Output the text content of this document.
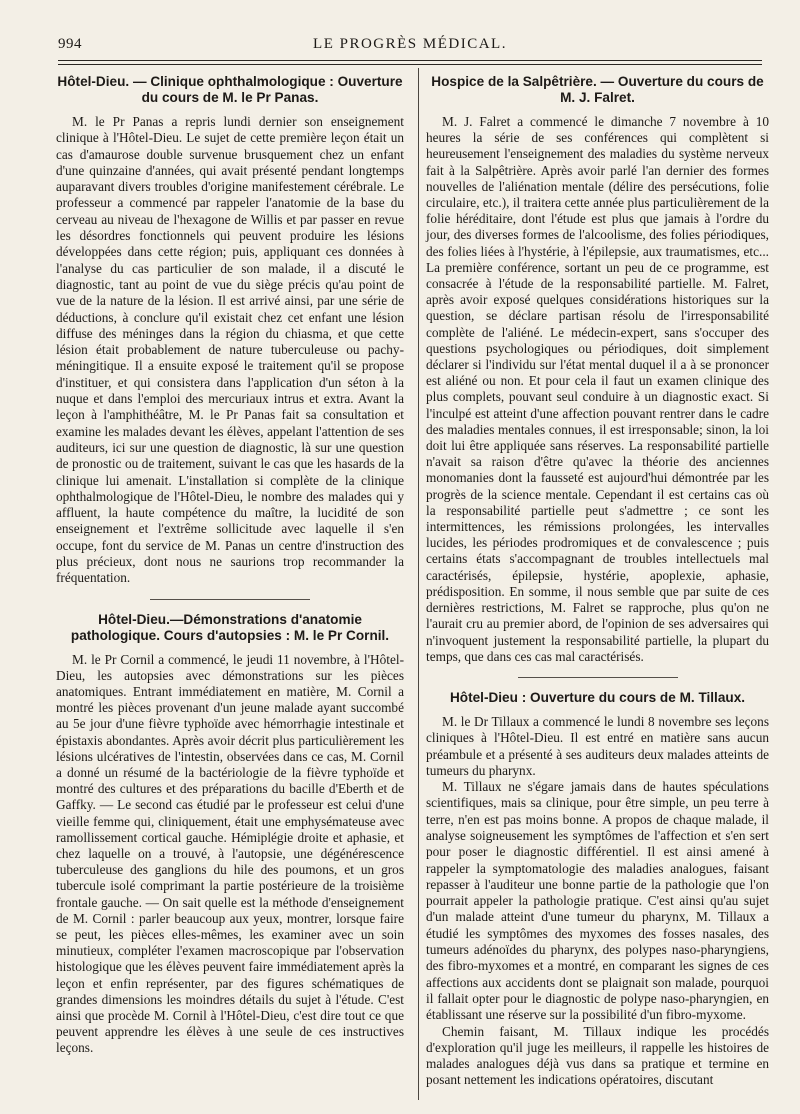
994	LE PROGRÈS MÉDICAL.
Hôtel-Dieu. — Clinique ophthalmologique : Ouverture du cours de M. le Pr Panas.

M. le Pr Panas a repris lundi dernier son enseignement clinique à l'Hôtel-Dieu. Le sujet de cette première leçon était un cas d'amaurose double survenue brusquement chez un enfant d'une quinzaine d'années, qui avait présenté pendant longtemps auparavant divers troubles d'origine manifestement cérébrale. Le professeur a commencé par rappeler l'anatomie de la base du cerveau au niveau de l'hexagone de Willis et par passer en revue les désordres fonctionnels qui peuvent produire les lésions développées dans cette région; puis, appliquant ces données à l'analyse du cas particulier de son malade, il a discuté le diagnostic, tant au point de vue du siège précis qu'au point de vue de la nature de la lésion. Il est arrivé ainsi, par une série de déductions, à conclure qu'il existait chez cet enfant une lésion diffuse des méninges dans la région du chiasma, et que cette lésion était probablement de nature tuberculeuse ou pachy-méningitique. Il a ensuite exposé le traitement qu'il se propose d'instituer, et qui consistera dans l'application d'un séton à la nuque et dans l'emploi des mercuriaux intrus et extra. Avant la leçon à l'amphithéâtre, M. le Pr Panas fait sa consultation et examine les malades devant les élèves, appelant l'attention de ses auditeurs, ici sur une question de diagnostic, là sur une question de pronostic ou de traitement, suivant le cas que les hasards de la clinique lui amenait. L'installation si complète de la clinique ophthalmologique de l'Hôtel-Dieu, le nombre des malades qui y affluent, la haute compétence du maître, la lucidité de son enseignement et l'extrême sollicitude avec laquelle il s'en occupe, font du service de M. Panas un centre d'instruction des plus précieux, dont nous ne saurions trop recommander la fréquentation.

Hôtel-Dieu.—Démonstrations d'anatomie pathologique. Cours d'autopsies : M. le Pr Cornil.

M. le Pr Cornil a commencé, le jeudi 11 novembre, à l'Hôtel-Dieu, les autopsies avec démonstrations sur les pièces anatomiques. Entrant immédiatement en matière, M. Cornil a montré les pièces provenant d'un jeune malade ayant succombé au 5e jour d'une fièvre typhoïde avec hémorrhagie intestinale et épistaxis abondantes. Après avoir décrit plus particulièrement les lésions ulcératives de l'intestin, observées dans ce cas, M. Cornil a donné un résumé de la bactériologie de la fièvre typhoïde et montré des cultures et des préparations du bacille d'Eberth et de Gaffky. — Le second cas étudié par le professeur est celui d'une vieille femme qui, cliniquement, était une emphysémateuse avec ramollissement cortical gauche. Hémiplégie droite et aphasie, et chez laquelle on a trouvé, à l'autopsie, une dégénérescence tuberculeuse des ganglions du hile des poumons, et un gros tubercule isolé comprimant la partie postérieure de la troisième frontale gauche. — On sait quelle est la méthode d'enseignement de M. Cornil : parler beaucoup aux yeux, montrer, lorsque faire se peut, les pièces elles-mêmes, les examiner avec un soin minutieux, compléter l'examen macroscopique par l'observation histologique que les élèves peuvent faire immédiatement après la leçon et enfin représenter, par des figures schématiques de grandes dimensions les moindres détails du sujet à l'étude. C'est ainsi que procède M. Cornil à l'Hôtel-Dieu, c'est dire tout ce que peuvent apprendre les élèves à une seule de ces instructives leçons.

Hospice de la Salpêtrière. — Ouverture du cours de M. J. Falret.

M. J. Falret a commencé le dimanche 7 novembre à 10 heures la série de ses conférences qui complètent si heureusement l'enseignement des maladies du système nerveux fait à la Salpêtrière. Après avoir parlé l'an dernier des formes nouvelles de l'aliénation mentale (délire des persécutions, folie circulaire, etc.), il traitera cette année plus particulièrement de la folie héréditaire, dont l'étude est plus que jamais à l'ordre du jour, des diverses formes de l'alcoolisme, des folies périodiques, des folies liées à l'hystérie, à l'épilepsie, aux traumatismes, etc... La première conférence, sortant un peu de ce programme, est consacrée à l'étude de la responsabilité partielle. M. Falret, après avoir exposé quelques considérations historiques sur la question, se déclare partisan résolu de l'irresponsabilité complète de l'aliéné. Le médecin-expert, sans s'occuper des questions psychologiques ou périodiques, doit simplement déclarer si l'individu sur l'état mental duquel il a à se prononcer est aliéné ou non. Et pour cela il faut un examen clinique des plus complets, pouvant seul conduire à un diagnostic exact. Si l'inculpé est atteint d'une affection pouvant rentrer dans le cadre des maladies mentales connues, il est irresponsable; sinon, la loi doit lui être appliquée sans réserves. La responsabilité partielle n'avait sa raison d'être qu'avec la théorie des anciennes monomanies dont la fausseté est aujourd'hui démontrée par les progrès de la science mentale. Cependant il est certains cas où la responsabilité partielle peut s'admettre ; ce sont les intermittences, les rémissions prolongées, les intervalles lucides, les périodes prodromiques et de convalescence ; puis certains états s'accompagnant de troubles intellectuels mal caractérisés, épilepsie, hystérie, apoplexie, aphasie, prédisposition. En somme, il nous semble que par suite de ces dernières restrictions, M. Falret se rapproche, plus qu'on ne l'aurait cru au premier abord, de l'opinion de ses adversaires qui n'invoquent justement la responsabilité partielle, la plupart du temps, que dans ces cas mal caractérisés.

Hôtel-Dieu : Ouverture du cours de M. Tillaux.

M. le Dr Tillaux a commencé le lundi 8 novembre ses leçons cliniques à l'Hôtel-Dieu. Il est entré en matière sans aucun préambule et a présenté à ses auditeurs deux malades atteints de tumeurs du pharynx.

M. Tillaux ne s'égare jamais dans de hautes spéculations scientifiques, mais sa clinique, pour être simple, un peu terre à terre, n'en est pas moins bonne. A propos de chaque malade, il analyse soigneusement les symptômes de l'affection et s'en sert pour poser le diagnostic différentiel. Il est ainsi amené à rappeler la symptomatologie des maladies analogues, faisant repasser à l'auditeur une bonne partie de la pathologie que l'on pourrait appeler la pathologie pratique. C'est ainsi qu'au sujet d'un malade atteint d'une tumeur du pharynx, M. Tillaux a étudié les symptômes des myxomes des fosses nasales, des tumeurs adénoïdes du pharynx, des polypes naso-pharyngiens, des fibro-myxomes et a montré, en comparant les signes de ces affections aux accidents dont se plaignait son malade, pourquoi il fallait opter pour le diagnostic de polype naso-pharyngien, en établissant une réserve sur la possibilité d'un fibro-myxome.

Chemin faisant, M. Tillaux indique les procédés d'exploration qu'il juge les meilleurs, il rappelle les histoires de malades analogues déjà vus dans sa pratique et termine en posant nettement les indications opératoires, discutant
